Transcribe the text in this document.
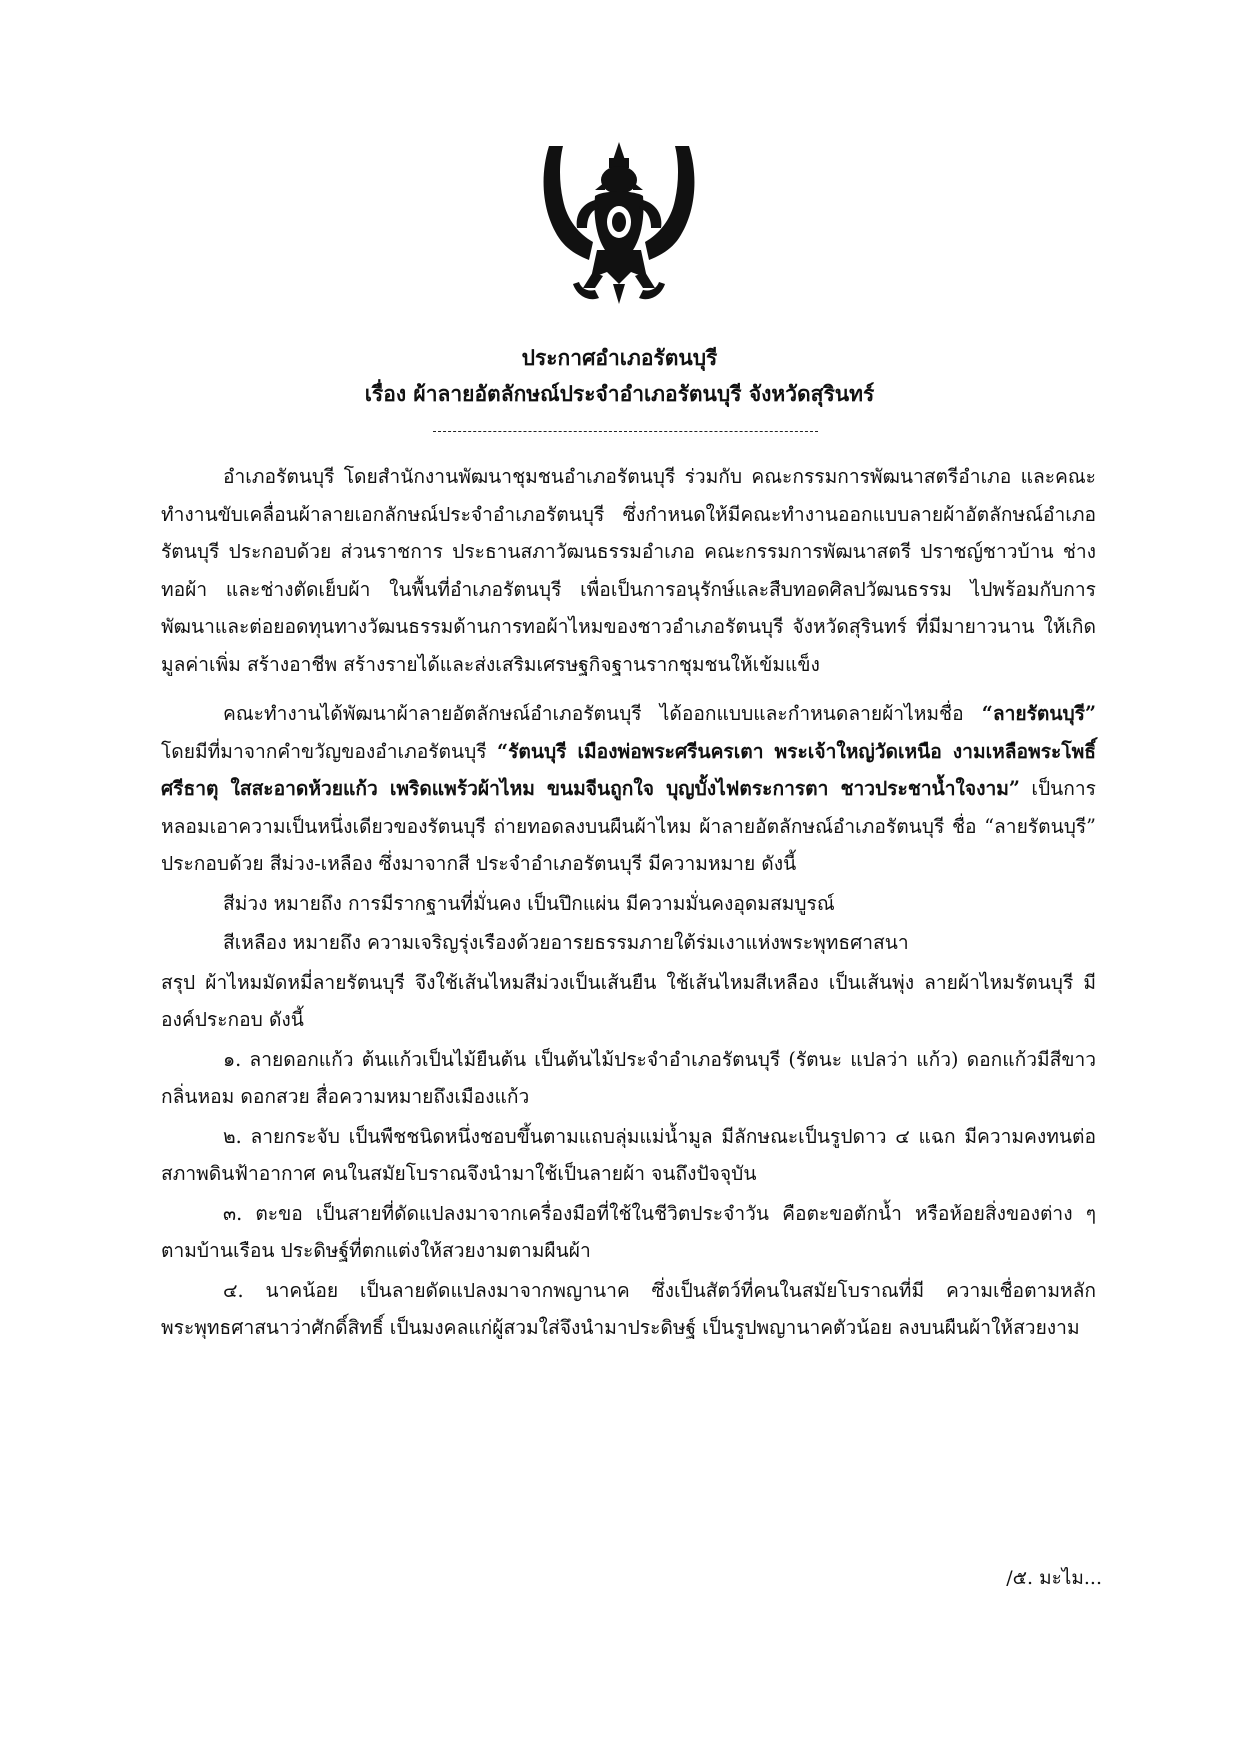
ประกาศอำเภอรัตนบุรี
เรื่อง ผ้าลายอัตลักษณ์ประจำอำเภอรัตนบุรี จังหวัดสุรินทร์

อำเภอรัตนบุรี โดยสำนักงานพัฒนาชุมชนอำเภอรัตนบุรี ร่วมกับ คณะกรรมการพัฒนาสตรีอำเภอ และคณะทำงานขับเคลื่อนผ้าลายเอกลักษณ์ประจำอำเภอรัตนบุรี ซึ่งกำหนดให้มีคณะทำงานออกแบบลายผ้าอัตลักษณ์อำเภอรัตนบุรี ประกอบด้วย ส่วนราชการ ประธานสภาวัฒนธรรมอำเภอ คณะกรรมการพัฒนาสตรี ปราชญ์ชาวบ้าน ช่างทอผ้า และช่างตัดเย็บผ้า ในพื้นที่อำเภอรัตนบุรี เพื่อเป็นการอนุรักษ์และสืบทอดศิลปวัฒนธรรม ไปพร้อมกับการพัฒนาและต่อยอดทุนทางวัฒนธรรมด้านการทอผ้าไหมของชาวอำเภอรัตนบุรี จังหวัดสุรินทร์ ที่มีมายาวนาน ให้เกิดมูลค่าเพิ่ม สร้างอาชีพ สร้างรายได้และส่งเสริมเศรษฐกิจฐานรากชุมชนให้เข้มแข็ง

คณะทำงานได้พัฒนาผ้าลายอัตลักษณ์อำเภอรัตนบุรี ได้ออกแบบและกำหนดลายผ้าไหมชื่อ “ลายรัตนบุรี” โดยมีที่มาจากคำขวัญของอำเภอรัตนบุรี “รัตนบุรี เมืองพ่อพระศรีนครเตา พระเจ้าใหญ่วัดเหนือ งามเหลือพระโพธิ์ศรีธาตุ ใสสะอาดห้วยแก้ว เพริดแพร้วผ้าไหม ขนมจีนถูกใจ บุญบั้งไฟตระการตา ชาวประชาน้ำใจงาม” เป็นการหลอมเอาความเป็นหนึ่งเดียวของรัตนบุรี ถ่ายทอดลงบนผืนผ้าไหม ผ้าลายอัตลักษณ์อำเภอรัตนบุรี ชื่อ “ลายรัตนบุรี” ประกอบด้วย สีม่วง-เหลือง ซึ่งมาจากสี ประจำอำเภอรัตนบุรี มีความหมาย ดังนี้

สีม่วง หมายถึง การมีรากฐานที่มั่นคง เป็นปึกแผ่น มีความมั่นคงอุดมสมบูรณ์

สีเหลือง หมายถึง ความเจริญรุ่งเรืองด้วยอารยธรรมภายใต้ร่มเงาแห่งพระพุทธศาสนา

สรุป ผ้าไหมมัดหมี่ลายรัตนบุรี จึงใช้เส้นไหมสีม่วงเป็นเส้นยืน ใช้เส้นไหมสีเหลือง เป็นเส้นพุ่ง ลายผ้าไหมรัตนบุรี มีองค์ประกอบ ดังนี้

๑. ลายดอกแก้ว ต้นแก้วเป็นไม้ยืนต้น เป็นต้นไม้ประจำอำเภอรัตนบุรี (รัตนะ แปลว่า แก้ว) ดอกแก้วมีสีขาว กลิ่นหอม ดอกสวย สื่อความหมายถึงเมืองแก้ว

๒. ลายกระจับ เป็นพืชชนิดหนึ่งชอบขึ้นตามแถบลุ่มแม่น้ำมูล มีลักษณะเป็นรูปดาว ๔ แฉก มีความคงทนต่อสภาพดินฟ้าอากาศ คนในสมัยโบราณจึงนำมาใช้เป็นลายผ้า จนถึงปัจจุบัน

๓. ตะขอ เป็นสายที่ดัดแปลงมาจากเครื่องมือที่ใช้ในชีวิตประจำวัน คือตะขอตักน้ำ หรือห้อยสิ่งของต่าง ๆ ตามบ้านเรือน ประดิษฐ์ที่ตกแต่งให้สวยงามตามผืนผ้า

๔. นาคน้อย เป็นลายดัดแปลงมาจากพญานาค ซึ่งเป็นสัตว์ที่คนในสมัยโบราณที่มี ความเชื่อตามหลักพระพุทธศาสนาว่าศักดิ์สิทธิ์ เป็นมงคลแก่ผู้สวมใส่จึงนำมาประดิษฐ์ เป็นรูปพญานาคตัวน้อย ลงบนผืนผ้าให้สวยงาม

/๕. มะไม...
